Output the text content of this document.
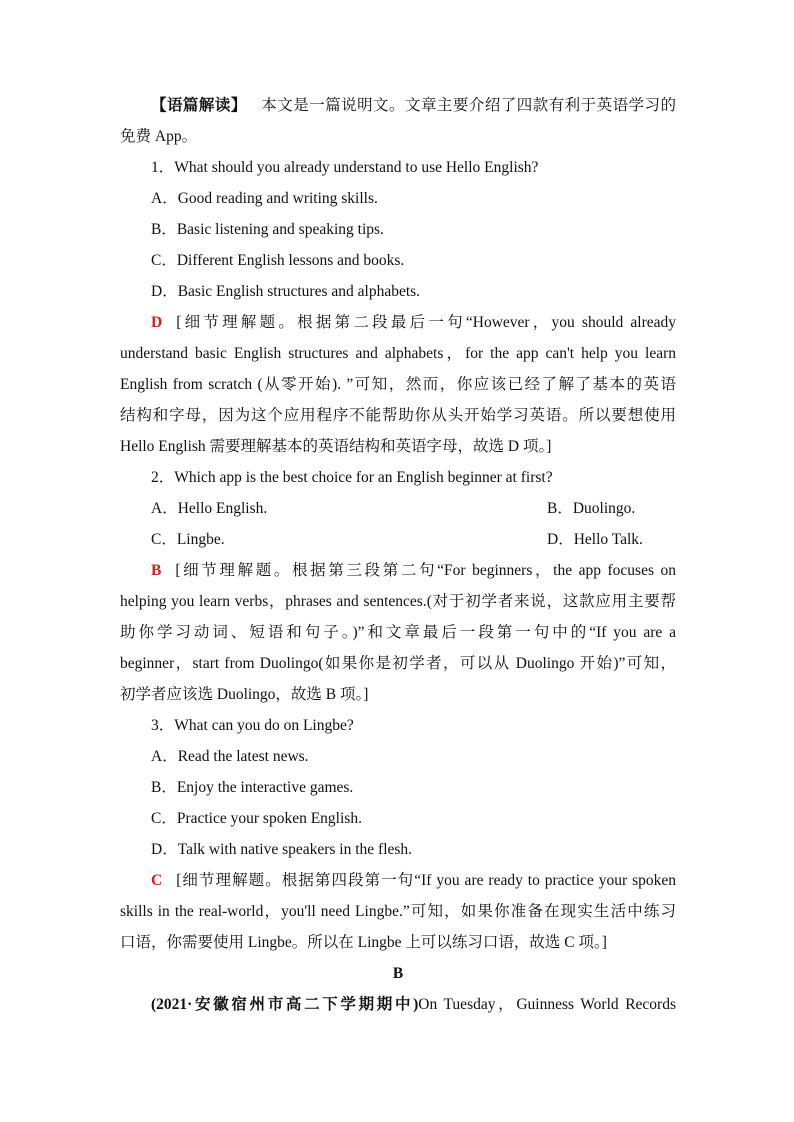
【语篇解读】 本文是一篇说明文。文章主要介绍了四款有利于英语学习的
免费 App。
1．What should you already understand to use Hello English?
A．Good reading and writing skills.
B．Basic listening and speaking tips.
C．Different English lessons and books.
D．Basic English structures and alphabets.
D [细节理解题。根据第二段最后一句“However，you should already
understand basic English structures and alphabets，for the app can't help you learn
English from scratch (从零开始). ”可知，然而，你应该已经了解了基本的英语
结构和字母，因为这个应用程序不能帮助你从头开始学习英语。所以要想使用
Hello English 需要理解基本的英语结构和英语字母，故选 D 项。]
2．Which app is the best choice for an English beginner at first?
A．Hello English.	B．Duolingo.
C．Lingbe.	D．Hello Talk.
B [细节理解题。根据第三段第二句“For beginners，the app focuses on
helping you learn verbs，phrases and sentences.(对于初学者来说，这款应用主要帮
助你学习动词、短语和句子。)”和文章最后一段第一句中的“If you are a
beginner，start from Duolingo(如果你是初学者，可以从 Duolingo 开始)”可知，
初学者应该选 Duolingo，故选 B 项。]
3．What can you do on Lingbe?
A．Read the latest news.
B．Enjoy the interactive games.
C．Practice your spoken English.
D．Talk with native speakers in the flesh.
C [细节理解题。根据第四段第一句“If you are ready to practice your spoken
skills in the real-world，you'll need Lingbe.”可知，如果你准备在现实生活中练习
口语，你需要使用 Lingbe。所以在 Lingbe 上可以练习口语，故选 C 项。]
B
(2021·安徽宿州市高二下学期期中)On Tuesday，Guinness World Records
